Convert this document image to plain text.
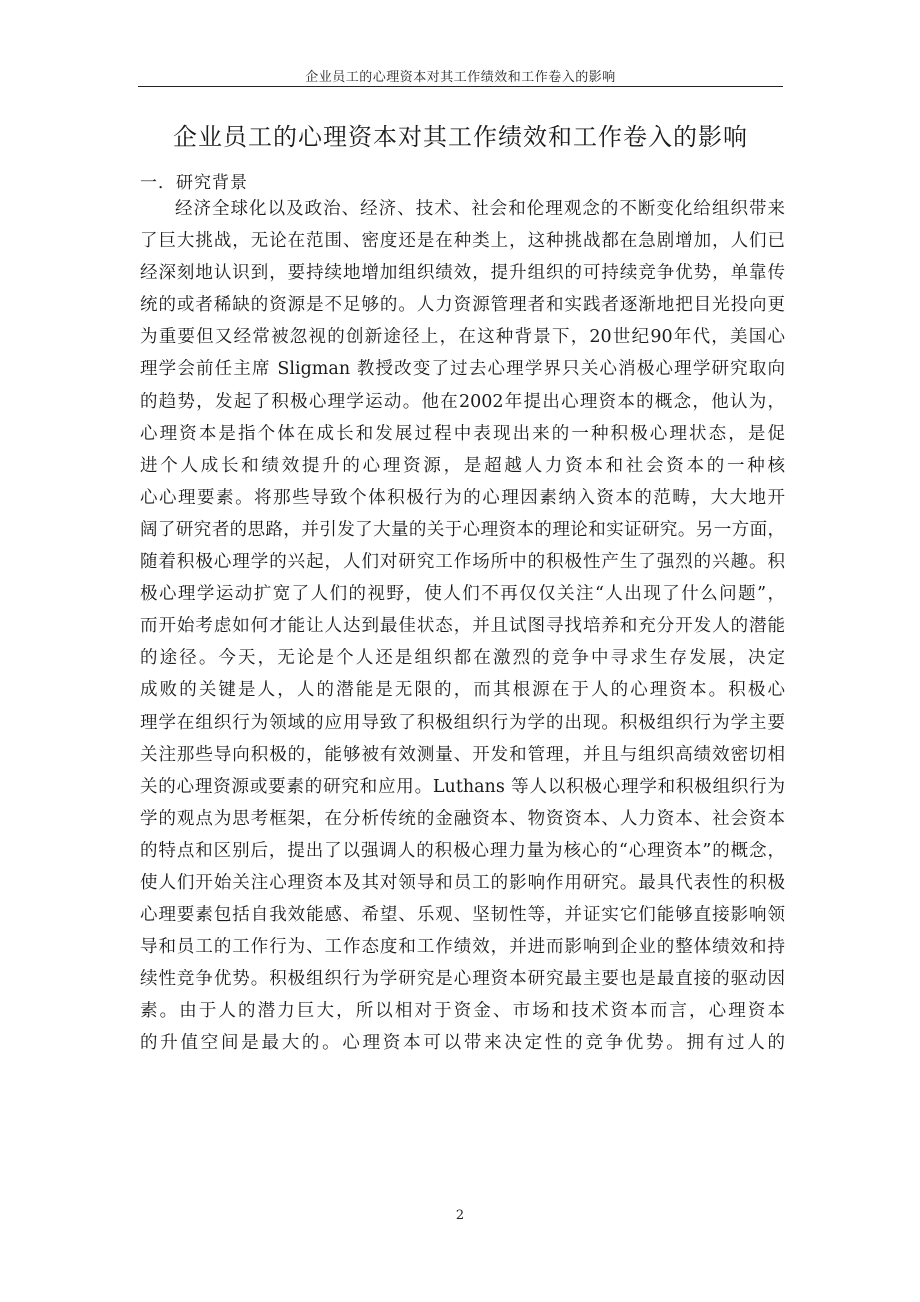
企业员工的心理资本对其工作绩效和工作卷入的影响
企业员工的心理资本对其工作绩效和工作卷入的影响
一．研究背景
经济全球化以及政治、经济、技术、社会和伦理观念的不断变化给组织带来
了巨大挑战，无论在范围、密度还是在种类上，这种挑战都在急剧增加，人们已
经深刻地认识到，要持续地增加组织绩效，提升组织的可持续竞争优势，单靠传
统的或者稀缺的资源是不足够的。人力资源管理者和实践者逐渐地把目光投向更
为重要但又经常被忽视的创新途径上，在这种背景下，20世纪90年代，美国心
理学会前任主席 Sligman 教授改变了过去心理学界只关心消极心理学研究取向
的趋势，发起了积极心理学运动。他在2002年提出心理资本的概念，他认为，
心理资本是指个体在成长和发展过程中表现出来的一种积极心理状态，是促
进个人成长和绩效提升的心理资源，是超越人力资本和社会资本的一种核
心心理要素。将那些导致个体积极行为的心理因素纳入资本的范畴，大大地开
阔了研究者的思路，并引发了大量的关于心理资本的理论和实证研究。另一方面，
随着积极心理学的兴起，人们对研究工作场所中的积极性产生了强烈的兴趣。积
极心理学运动扩宽了人们的视野，使人们不再仅仅关注“人出现了什么问题”，
而开始考虑如何才能让人达到最佳状态，并且试图寻找培养和充分开发人的潜能
的途径。今天，无论是个人还是组织都在激烈的竞争中寻求生存发展，决定
成败的关键是人，人的潜能是无限的，而其根源在于人的心理资本。积极心
理学在组织行为领域的应用导致了积极组织行为学的出现。积极组织行为学主要
关注那些导向积极的，能够被有效测量、开发和管理，并且与组织高绩效密切相
关的心理资源或要素的研究和应用。Luthans 等人以积极心理学和积极组织行为
学的观点为思考框架，在分析传统的金融资本、物资资本、人力资本、社会资本
的特点和区别后，提出了以强调人的积极心理力量为核心的“心理资本”的概念，
使人们开始关注心理资本及其对领导和员工的影响作用研究。最具代表性的积极
心理要素包括自我效能感、希望、乐观、坚韧性等，并证实它们能够直接影响领
导和员工的工作行为、工作态度和工作绩效，并进而影响到企业的整体绩效和持
续性竞争优势。积极组织行为学研究是心理资本研究最主要也是最直接的驱动因
素。由于人的潜力巨大，所以相对于资金、市场和技术资本而言，心理资本
的升值空间是最大的。心理资本可以带来决定性的竞争优势。拥有过人的
2
